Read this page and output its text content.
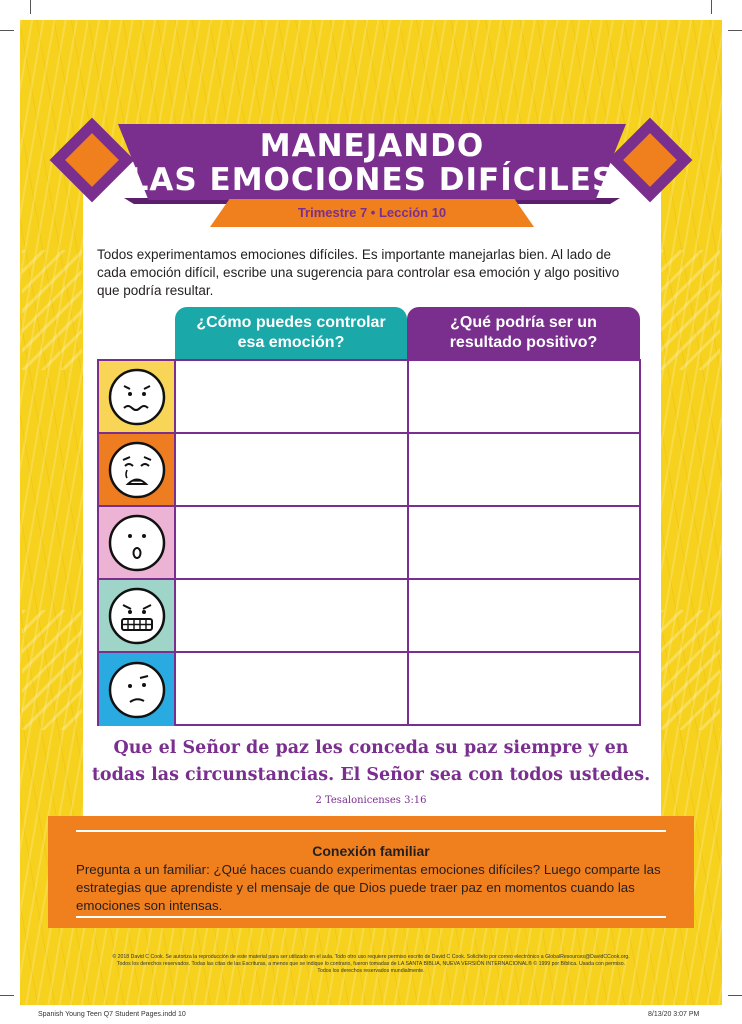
MANEJANDO
LAS EMOCIONES DIFÍCILES
Trimestre 7 • Lección 10

Todos experimentamos emociones difíciles. Es importante manejarlas bien. Al lado de cada emoción difícil, escribe una sugerencia para controlar esa emoción y algo positivo que podría resultar.

¿Cómo puedes controlar esa emoción?
¿Qué podría ser un resultado positivo?

Que el Señor de paz les conceda su paz siempre y en todas las circunstancias. El Señor sea con todos ustedes.

2 Tesalonicenses 3:16

Conexión familiar

Pregunta a un familiar: ¿Qué haces cuando experimentas emociones difíciles? Luego comparte las estrategias que aprendiste y el mensaje de que Dios puede traer paz en momentos cuando las emociones son intensas.

© 2018 David C Cook. Se autoriza la reproducción de este material para ser utilizado en el aula. Todo otro uso requiere permiso escrito de David C Cook. Solicítelo por correo electrónico a GlobalResources@DavidCCook.org.
Todos los derechos reservados. Todas las citas de las Escrituras, a menos que se indique lo contrario, fueron tomadas de LA SANTA BIBLIA, NUEVA VERSIÓN INTERNACIONAL® © 1999 por Bíblica. Usada con permiso.
Todos los derechos reservados mundialmente.
Spanish Young Teen Q7 Student Pages.indd 10	8/13/20 3:07 PM
